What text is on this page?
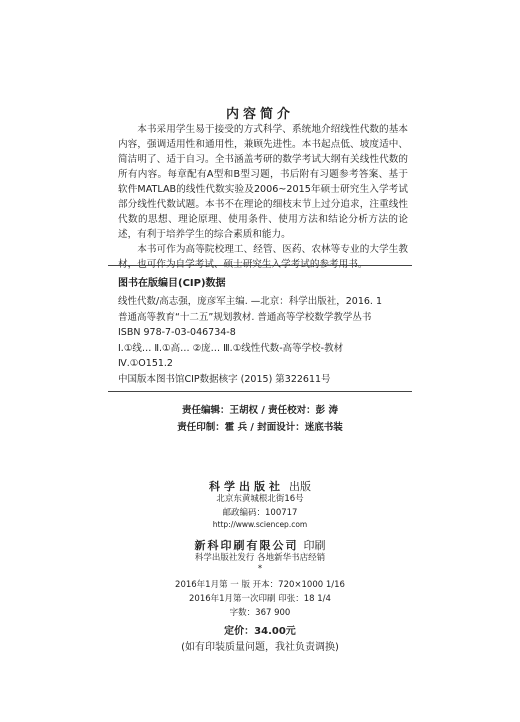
内容简介

本书采用学生易于接受的方式科学、系统地介绍线性代数的基本内容，强调适用性和通用性，兼顾先进性。本书起点低、坡度适中、简洁明了、适于自习。全书涵盖考研的数学考试大纲有关线性代数的所有内容。每章配有A型和B型习题，书后附有习题参考答案、基于软件MATLAB的线性代数实验及2006~2015年硕士研究生入学考试部分线性代数试题。本书不在理论的细枝末节上过分追求，注重线性代数的思想、理论原理、使用条件、使用方法和结论分析方法的论述，有利于培养学生的综合素质和能力。

本书可作为高等院校理工、经管、医药、农林等专业的大学生教材，也可作为自学考试、硕士研究生入学考试的参考用书。

图书在版编目(CIP)数据
线性代数/高志强，庞彦军主编. —北京：科学出版社，2016. 1
普通高等教育“十二五”规划教材. 普通高等学校数学教学丛书
ISBN 978-7-03-046734-8
Ⅰ.①线… Ⅱ.①高… ②庞… Ⅲ.①线性代数-高等学校-教材
Ⅳ.①O151.2
中国版本图书馆CIP数据核字 (2015) 第322611号
责任编辑：王胡权 / 责任校对：彭 涛
责任印制：霍 兵 / 封面设计：迷底书装
科学出版社 出版
北京东黄城根北街16号
邮政编码：100717
http://www.sciencep.com
新科印刷有限公司 印刷
科学出版社发行 各地新华书店经销
*
2016年1月第 一 版 开本：720×1000 1/16
2016年1月第一次印刷 印张：18 1/4
字数：367 900
定价：34.00元
(如有印装质量问题，我社负责调换)
